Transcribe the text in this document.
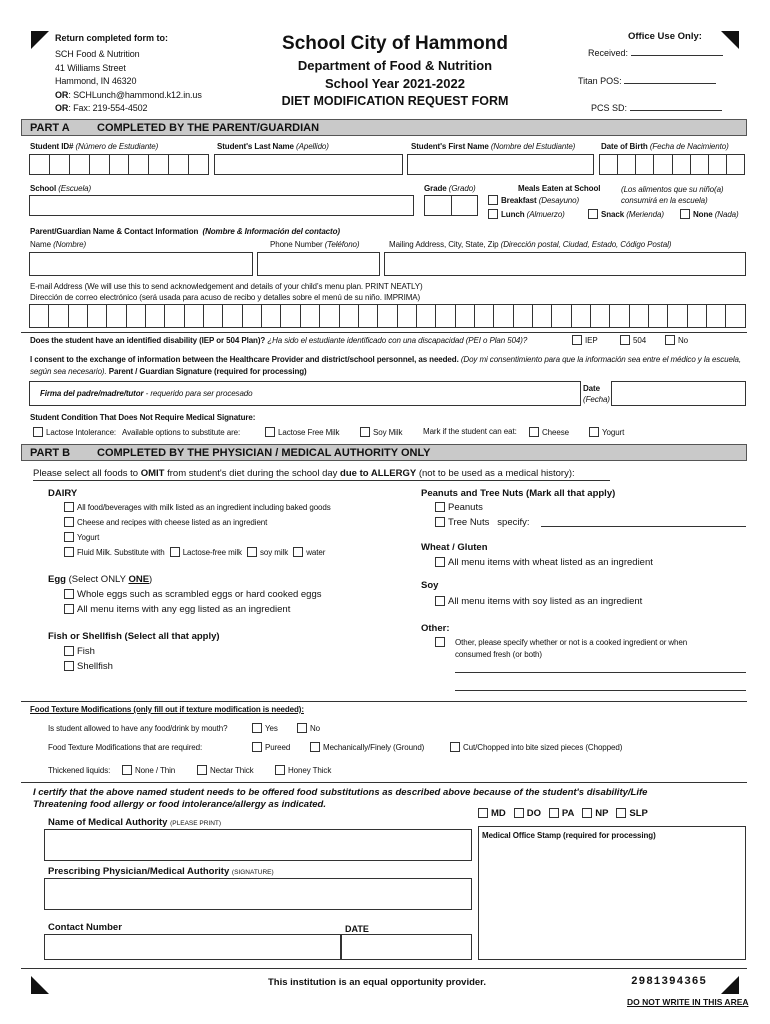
Return completed form to:
SCH Food & Nutrition
41 Williams Street
Hammond, IN 46320
OR: SCHLunch@hammond.k12.in.us
OR: Fax: 219-554-4502
School City of Hammond
Department of Food & Nutrition
School Year 2021-2022
DIET MODIFICATION REQUEST FORM
Office Use Only:
Received:
Titan POS:
PCS SD:
PART A COMPLETED BY THE PARENT/GUARDIAN
Student ID# (Número de Estudiante)	Student's Last Name (Apellido)	Student's First Name (Nombre del Estudiante)	Date of Birth (Fecha de Nacimiento)
School (Escuela)	Grade (Grado)	Meals Eaten at School	(Los alimentos que su niño(a) consumirá en la escuela)
Breakfast (Desayuno)
Lunch (Almuerzo)	Snack (Merienda)	None (Nada)
Parent/Guardian Name & Contact Information (Nombre & Información del contacto)
Name (Nombre)	Phone Number (Teléfono)	Mailing Address, City, State, Zip (Dirección postal, Ciudad, Estado, Código Postal)
E-mail Address (We will use this to send acknowledgement and details of your child’s menu plan. PRINT NEATLY)
Dirección de correo electrónico (será usada para acuso de recibo y detalles sobre el menú de su niño. IMPRIMA)
Does the student have an identified disability (IEP or 504 Plan)? ¿Ha sido el estudiante identificado con una discapacidad (PEI o Plan 504)?	IEP	504	No
I consent to the exchange of information between the Healthcare Provider and district/school personnel, as needed. (Doy mi consentimiento para que la información sea entre el médico y la escuela, según sea necesario). Parent / Guardian Signature (required for processing)
Firma del padre/madre/tutor - requerido para ser procesado
Date
(Fecha)
Student Condition That Does Not Require Medical Signature:
Lactose Intolerance: Available options to substitute are:	Lactose Free Milk	Soy Milk	Mark if the student can eat:	Cheese	Yogurt
PART B COMPLETED BY THE PHYSICIAN / MEDICAL AUTHORITY ONLY
Please select all foods to OMIT from student's diet during the school day due to ALLERGY (not to be used as a medical history):
DAIRY
All food/beverages with milk listed as an ingredient including baked goods
Cheese and recipes with cheese listed as an ingredient
Yogurt
Fluid Milk. Substitute with Lactose-free milk soy milk water
Egg (Select ONLY ONE)
Whole eggs such as scrambled eggs or hard cooked eggs
All menu items with any egg listed as an ingredient
Fish or Shellfish (Select all that apply)
Fish
Shellfish
Peanuts and Tree Nuts (Mark all that apply)
Peanuts
Tree Nuts specify:
Wheat / Gluten
All menu items with wheat listed as an ingredient
Soy
All menu items with soy listed as an ingredient
Other:
Other, please specify whether or not is a cooked ingredient or when consumed fresh (or both)
Food Texture Modifications (only fill out if texture modification is needed):
Is student allowed to have any food/drink by mouth?	Yes	No
Food Texture Modifications that are required:	Pureed	Mechanically/Finely (Ground)	Cut/Chopped into bite sized pieces (Chopped)
Thickened liquids:	None / Thin	Nectar Thick	Honey Thick
I certify that the above named student needs to be offered food substitutions as described above because of the student's disability/Life
Threatening food allergy or food intolerance/allergy as indicated.
Name of Medical Authority (PLEASE PRINT)
MD DO PA NP SLP
Medical Office Stamp (required for processing)
Prescribing Physician/Medical Authority (SIGNATURE)
Contact Number	DATE
This institution is an equal opportunity provider.	2981394365
DO NOT WRITE IN THIS AREA
